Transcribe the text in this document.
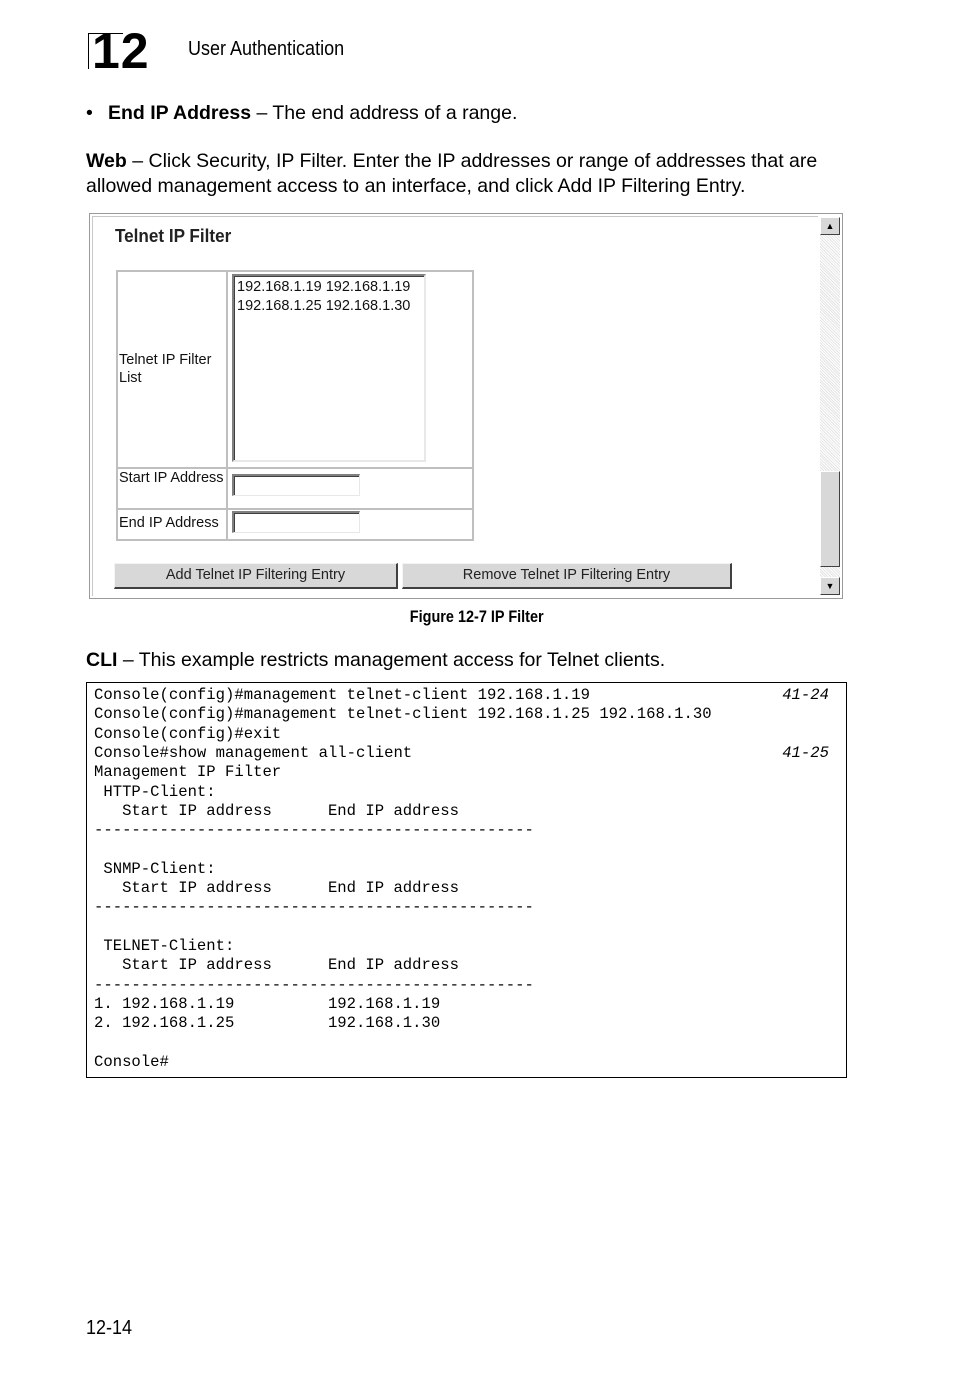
12 User Authentication
• End IP Address – The end address of a range.
Web – Click Security, IP Filter. Enter the IP addresses or range of addresses that are allowed management access to an interface, and click Add IP Filtering Entry.
Telnet IP Filter
Telnet IP Filter List
192.168.1.19 192.168.1.19 192.168.1.25 192.168.1.30
Start IP Address
End IP Address
Add Telnet IP Filtering Entry	Remove Telnet IP Filtering Entry
▲
▼
Figure 12-7 IP Filter
CLI – This example restricts management access for Telnet clients.
Console(config)#management telnet-client 192.168.1.19
Console(config)#management telnet-client 192.168.1.25 192.168.1.30
Console(config)#exit
Console#show management all-client
Management IP Filter
HTTP-Client:
Start IP address      End IP address
-----------------------------------------------
SNMP-Client:
Start IP address      End IP address
-----------------------------------------------
TELNET-Client:
Start IP address      End IP address
-----------------------------------------------
1. 192.168.1.19          192.168.1.19
2. 192.168.1.25          192.168.1.30
Console#
41-24
41-25
12-14
